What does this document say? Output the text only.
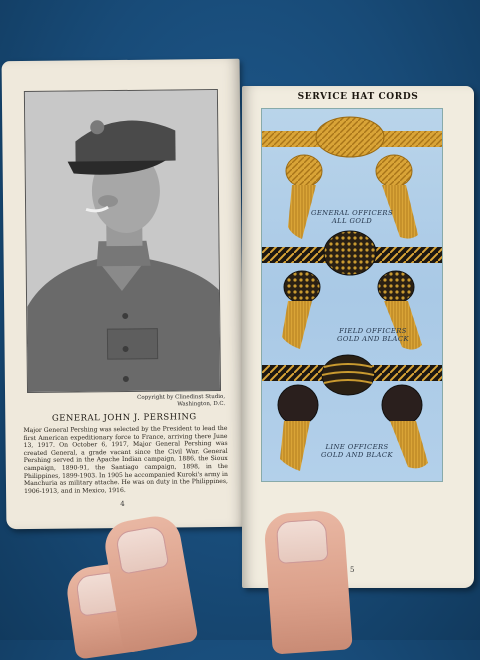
Copyright by Clinedinst Studio,
Washington, D.C.
GENERAL JOHN J. PERSHING
Major General Pershing was selected by the President to lead the first American expeditionary force to France, arriving there June 13, 1917. On October 6, 1917, Major General Pershing was created General, a grade vacant since the Civil War. General Pershing served in the Apache Indian campaign, 1886, the Sioux campaign, 1890-91, the Santiago campaign, 1898, in the Philippines, 1899-1903. In 1905 he accompanied Kuroki's army in Manchuria as military attache. He was on duty in the Philippines, 1906-1913, and in Mexico, 1916.
4
SERVICE HAT CORDS
GENERAL OFFICERS
ALL GOLD
FIELD OFFICERS
GOLD AND BLACK
LINE OFFICERS
GOLD AND BLACK
5
